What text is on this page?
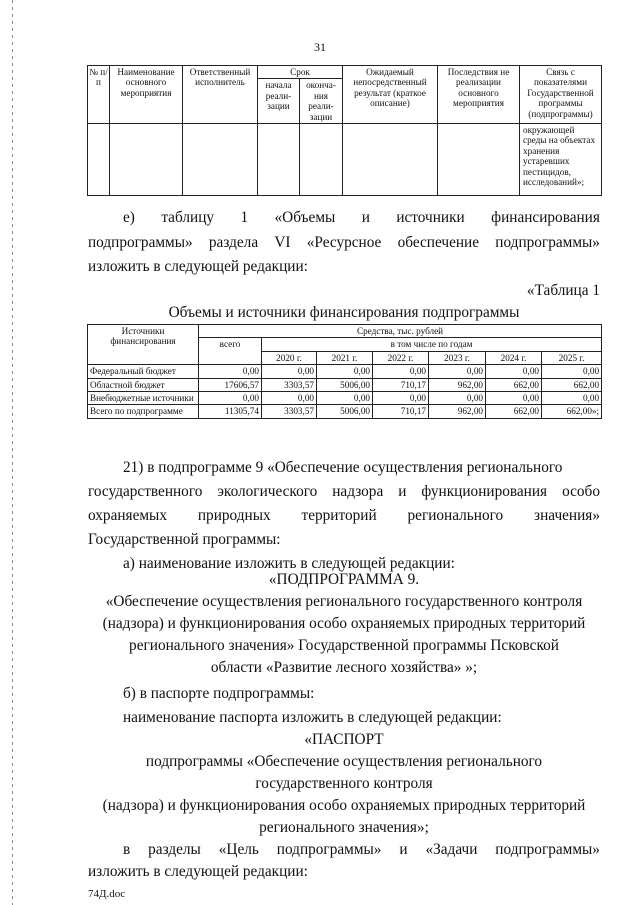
31
№ п/п	Наименование основного мероприятия	Ответственный исполнитель	Срок		Ожидаемый непосредственный результат (краткое описание)	Последствия не реализации основного мероприятия	Связь с показателями Государственной программы (подпрограммы)
			начала реали- зации	оконча- ния реали- зации			
							окружающей среды на объектах хранения устаревших пестицидов, исследований»;
е) таблицу 1 «Объемы и источники финансирования
подпрограммы» раздела VI «Ресурсное обеспечение подпрограммы»
изложить в следующей редакции:
«Таблица 1
Объемы и источники финансирования подпрограммы
Источники финансирования	Средства, тыс. рублей						
	всего	в том числе по годам					
		2020 г.	2021 г.	2022 г.	2023 г.	2024 г.	2025 г.
Федеральный бюджет	0,00	0,00	0,00	0,00	0,00	0,00	0,00
Областной бюджет	17606,57	3303,57	5006,00	710,17	962,00	662,00	662,00
Внебюджетные источники	0,00	0,00	0,00	0,00	0,00	0,00	0,00
Всего по подпрограмме	11305,74	3303,57	5006,00	710,17	962,00	662,00	662,00»;
21) в подпрограмме 9 «Обеспечение осуществления регионального
государственного экологического надзора и функционирования особо
охраняемых природных территорий регионального значения»
Государственной программы:
а) наименование изложить в следующей редакции:
«ПОДПРОГРАММА 9.
«Обеспечение осуществления регионального государственного контроля
(надзора) и функционирования особо охраняемых природных территорий
регионального значения» Государственной программы Псковской
области «Развитие лесного хозяйства» »;
б) в паспорте подпрограммы:
наименование паспорта изложить в следующей редакции:
«ПАСПОРТ
подпрограммы «Обеспечение осуществления регионального
государственного контроля
(надзора) и функционирования особо охраняемых природных территорий
регионального значения»;
74Д.doc
в разделы «Цель подпрограммы» и «Задачи подпрограммы»
изложить в следующей редакции:
